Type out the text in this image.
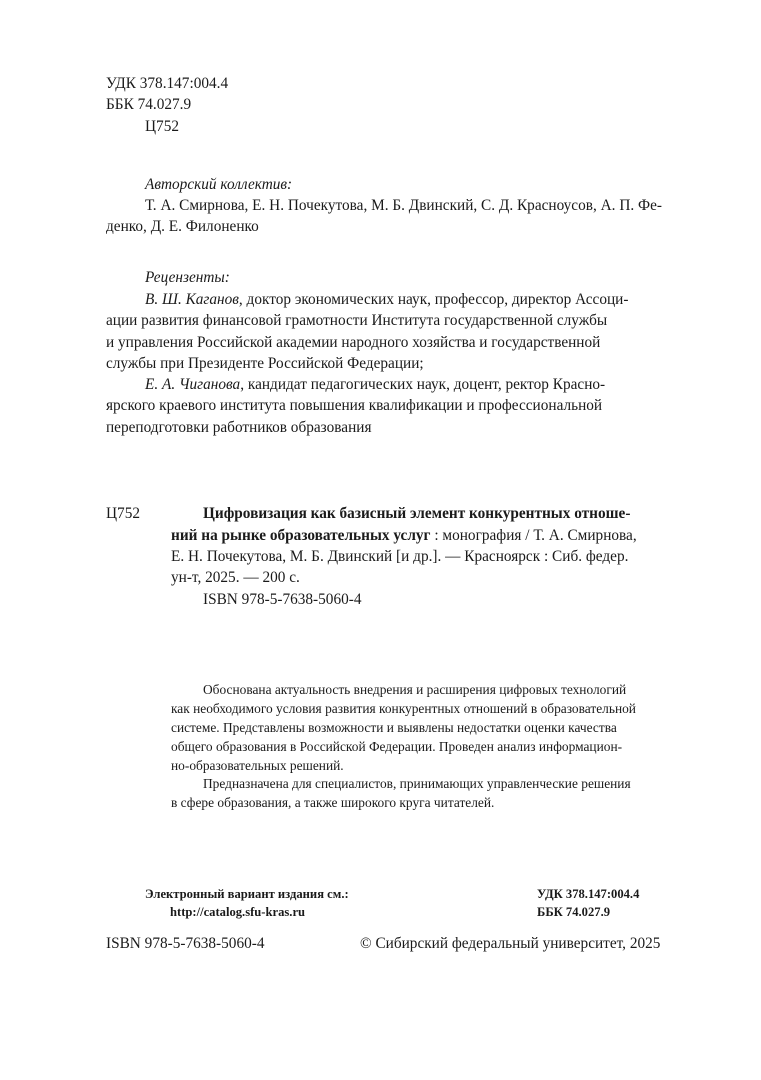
УДК 378.147:004.4
ББК 74.027.9
Ц752
Авторский коллектив:
Т. А. Смирнова, Е. Н. Почекутова, М. Б. Двинский, С. Д. Красноусов, А. П. Фе-
денко, Д. Е. Филоненко
Рецензенты:
В. Ш. Каганов, доктор экономических наук, профессор, директор Ассоци-
ации развития финансовой грамотности Института государственной службы
и управления Российской академии народного хозяйства и государственной
службы при Президенте Российской Федерации;
Е. А. Чиганова, кандидат педагогических наук, доцент, ректор Красно-
ярского краевого института повышения квалификации и профессиональной
переподготовки работников образования
Ц752	Цифровизация как базисный элемент конкурентных отноше-
ний на рынке образовательных услуг : монография / Т. А. Смирнова,
Е. Н. Почекутова, М. Б. Двинский [и др.]. — Красноярск : Сиб. федер.
ун-т, 2025. — 200 с.
ISBN 978-5-7638-5060-4
Обоснована актуальность внедрения и расширения цифровых технологий
как необходимого условия развития конкурентных отношений в образовательной
системе. Представлены возможности и выявлены недостатки оценки качества
общего образования в Российской Федерации. Проведен анализ информацион-
но-образовательных решений.
Предназначена для специалистов, принимающих управленческие решения
в сфере образования, а также широкого круга читателей.
Электронный вариант издания см.:
http://catalog.sfu-kras.ru
УДК 378.147:004.4
ББК 74.027.9
ISBN 978-5-7638-5060-4	© Сибирский федеральный университет, 2025
